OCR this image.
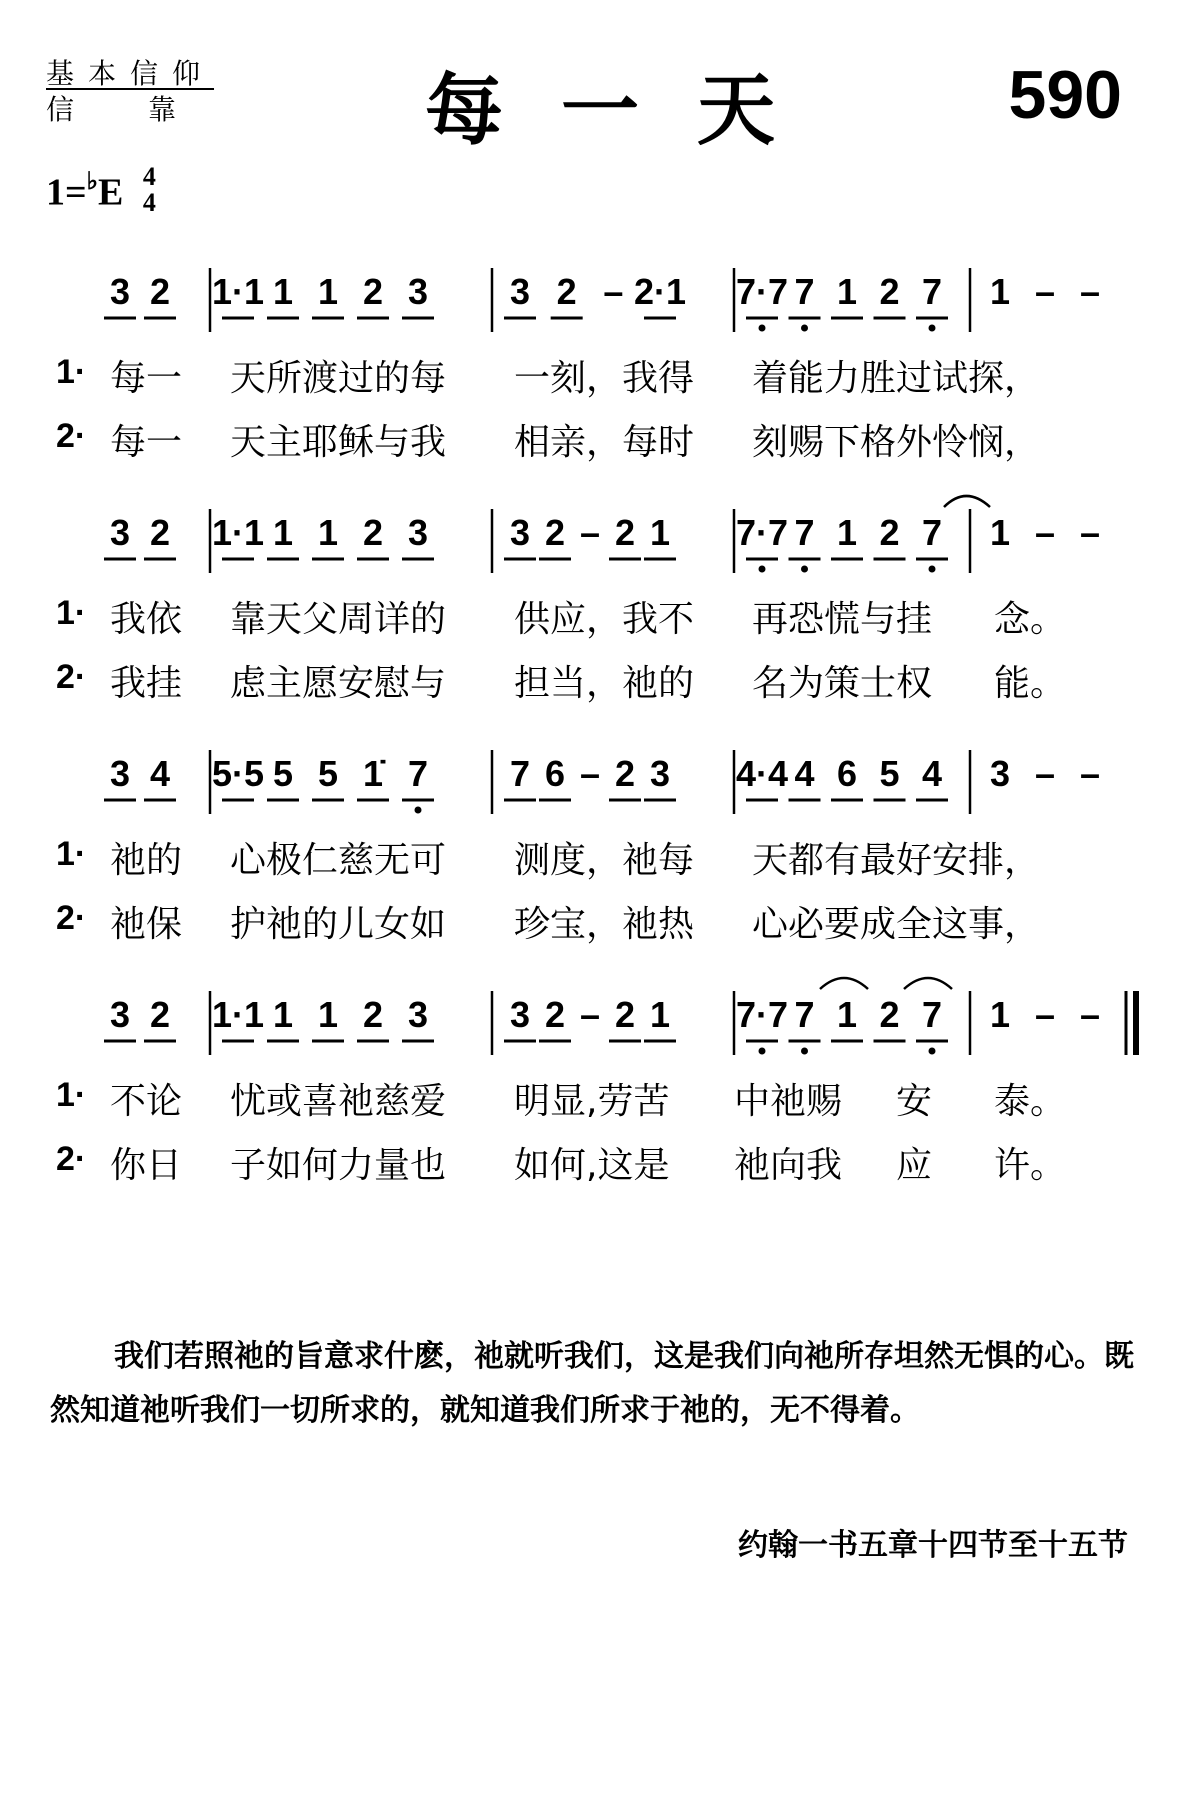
基本信仰
信靠	每一天	590
1=♭E 4
4
3 2 1·1 1 1 2 3 3 2 – 2·1 7·7 7 1 2 7 1 – –
3 2 1·1 1 1 2 3 3 2 – 2 1 7·7 7 1 2 7 1 – –
3 4 5·5 5 5 1̇ 7 7 6 – 2 3 4·4 4 6 5 4 3 – –
3 2 1·1 1 1 2 3 3 2 – 2 1 7·7 7 1 2 7 1 – –
1· 每一 天所渡过的每 一刻，我得 着能力胜过试探，
2· 每一 天主耶稣与我 相亲，每时 刻赐下格外怜悯，
1· 我依 靠天父周详的 供应，我不 再恐慌与挂 念。
2· 我挂 虑主愿安慰与 担当，祂的 名为策士权 能。
1· 祂的 心极仁慈无可 测度，祂每 天都有最好安排，
2· 祂保 护祂的儿女如 珍宝，祂热 心必要成全这事，
1· 不论 忧或喜祂慈爱 明显,劳苦 中祂赐 安 泰。
2· 你日 子如何力量也 如何,这是 祂向我 应 许。
我们若照祂的旨意求什麽，祂就听我们，这是我们向祂所存坦然无惧的心。既然知道祂听我们一切所求的，就知道我们所求于祂的，无不得着。
约翰一书五章十四节至十五节
